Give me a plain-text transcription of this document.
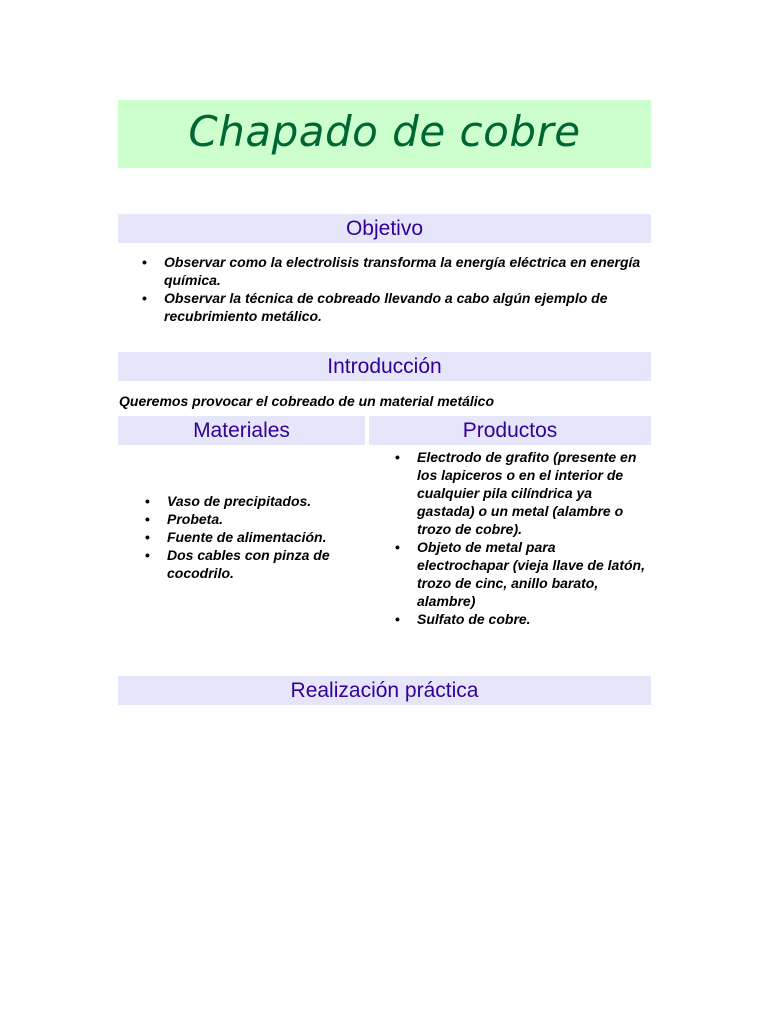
Chapado de cobre
Objetivo
• Observar como la electrolisis transforma la energía eléctrica en energía química.
• Observar la técnica de cobreado llevando a cabo algún ejemplo de recubrimiento metálico.
Introducción
Queremos provocar el cobreado de un material metálico
Materiales
• Vaso de precipitados.
• Probeta.
• Fuente de alimentación.
• Dos cables con pinza de cocodrilo.
Productos
• Electrodo de grafito (presente en los lapiceros o en el interior de cualquier pila cilíndrica ya gastada) o un metal (alambre o trozo de cobre).
• Objeto de metal para electrochapar (vieja llave de latón, trozo de cinc, anillo barato, alambre)
• Sulfato de cobre.
Realización práctica
